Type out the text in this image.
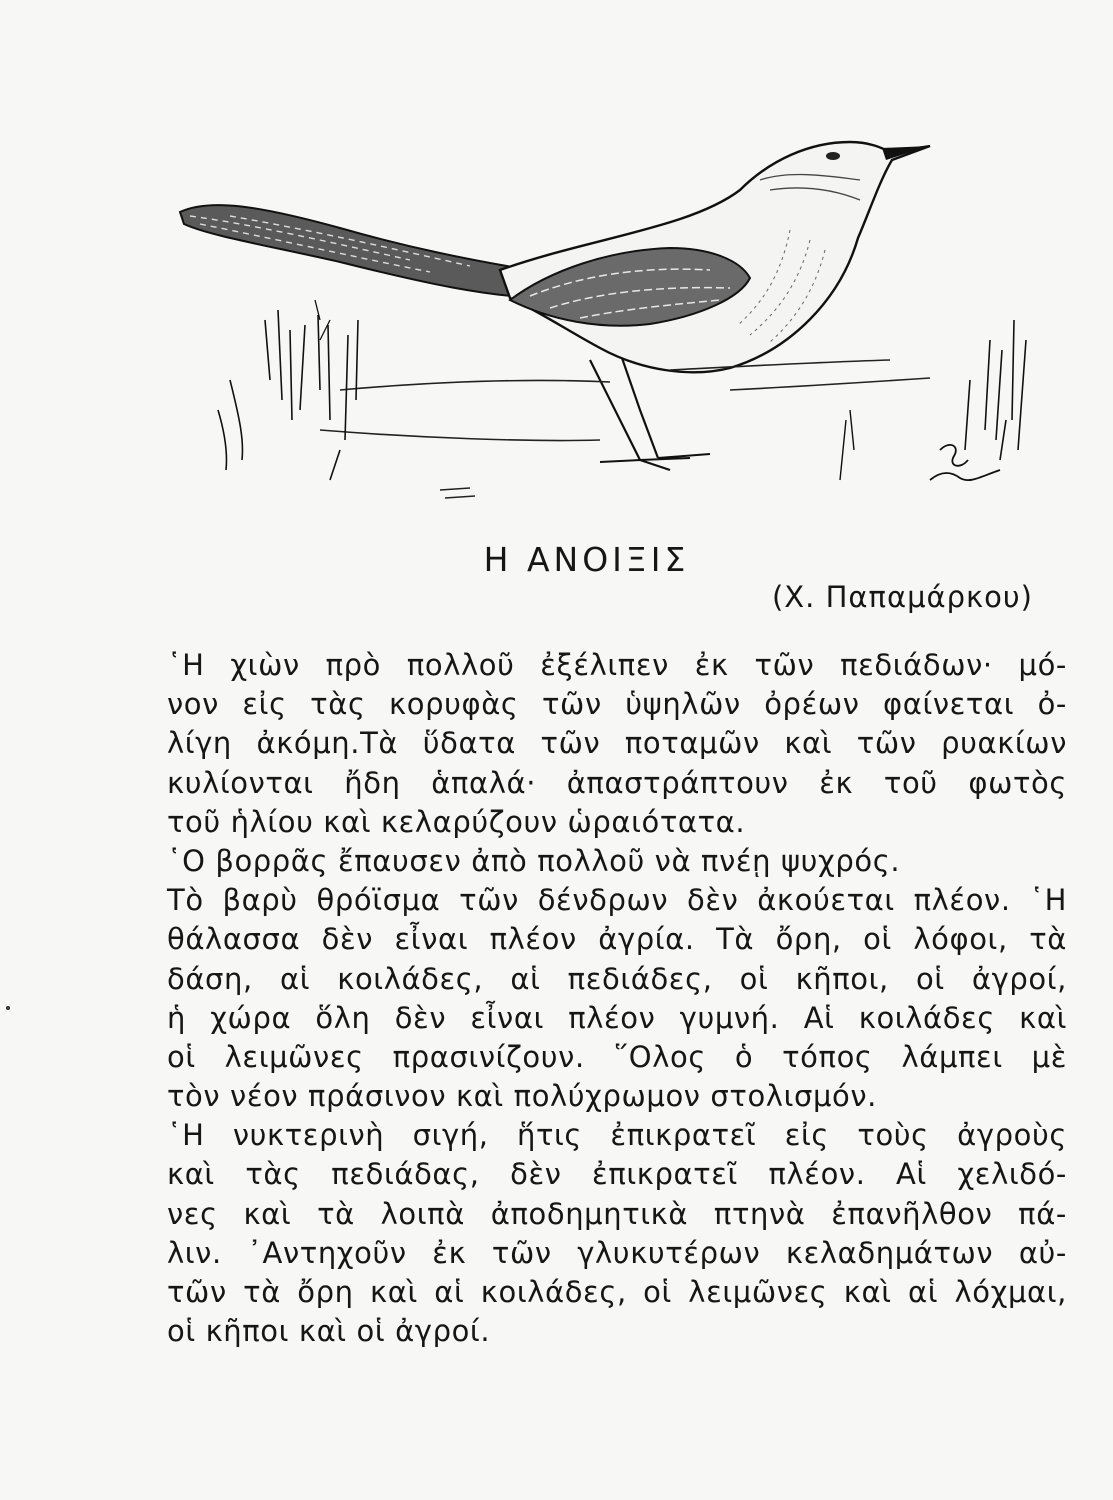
Η ΑΝΟΙΞΙΣ
(Χ. Παπαμάρκου)
῾Η χιὼν πρὸ πολλοῦ ἐξέλιπεν ἐκ τῶν πεδιάδων· μό-
νον εἰς τὰς κορυφὰς τῶν ὑψηλῶν ὀρέων φαίνεται ὀ-
λίγη ἀκόμη.Τὰ ὕδατα τῶν ποταμῶν καὶ τῶν ρυακίων
κυλίονται ἤδη ἁπαλά· ἀπαστράπτουν ἐκ τοῦ φωτὸς
τοῦ ἡλίου καὶ κελαρύζουν ὡραιότατα.
῾Ο βορρᾶς ἔπαυσεν ἀπὸ πολλοῦ νὰ πνέῃ ψυχρός.
Τὸ βαρὺ θρόϊσμα τῶν δένδρων δὲν ἀκούεται πλέον. ῾Η
θάλασσα δὲν εἶναι πλέον ἀγρία. Τὰ ὄρη, οἱ λόφοι, τὰ
δάση, αἱ κοιλάδες, αἱ πεδιάδες, οἱ κῆποι, οἱ ἀγροί,
ἡ χώρα ὅλη δὲν εἶναι πλέον γυμνή. Αἱ κοιλάδες καὶ
οἱ λειμῶνες πρασινίζουν. ῞Ολος ὁ τόπος λάμπει μὲ
τὸν νέον πράσινον καὶ πολύχρωμον στολισμόν.
῾Η νυκτερινὴ σιγή, ἥτις ἐπικρατεῖ εἰς τοὺς ἀγροὺς
καὶ τὰς πεδιάδας, δὲν ἐπικρατεῖ πλέον. Αἱ χελιδό-
νες καὶ τὰ λοιπὰ ἀποδημητικὰ πτηνὰ ἐπανῆλθον πά-
λιν. ᾿Αντηχοῦν ἐκ τῶν γλυκυτέρων κελαδημάτων αὐ-
τῶν τὰ ὄρη καὶ αἱ κοιλάδες, οἱ λειμῶνες καὶ αἱ λόχμαι,
οἱ κῆποι καὶ οἱ ἀγροί.
